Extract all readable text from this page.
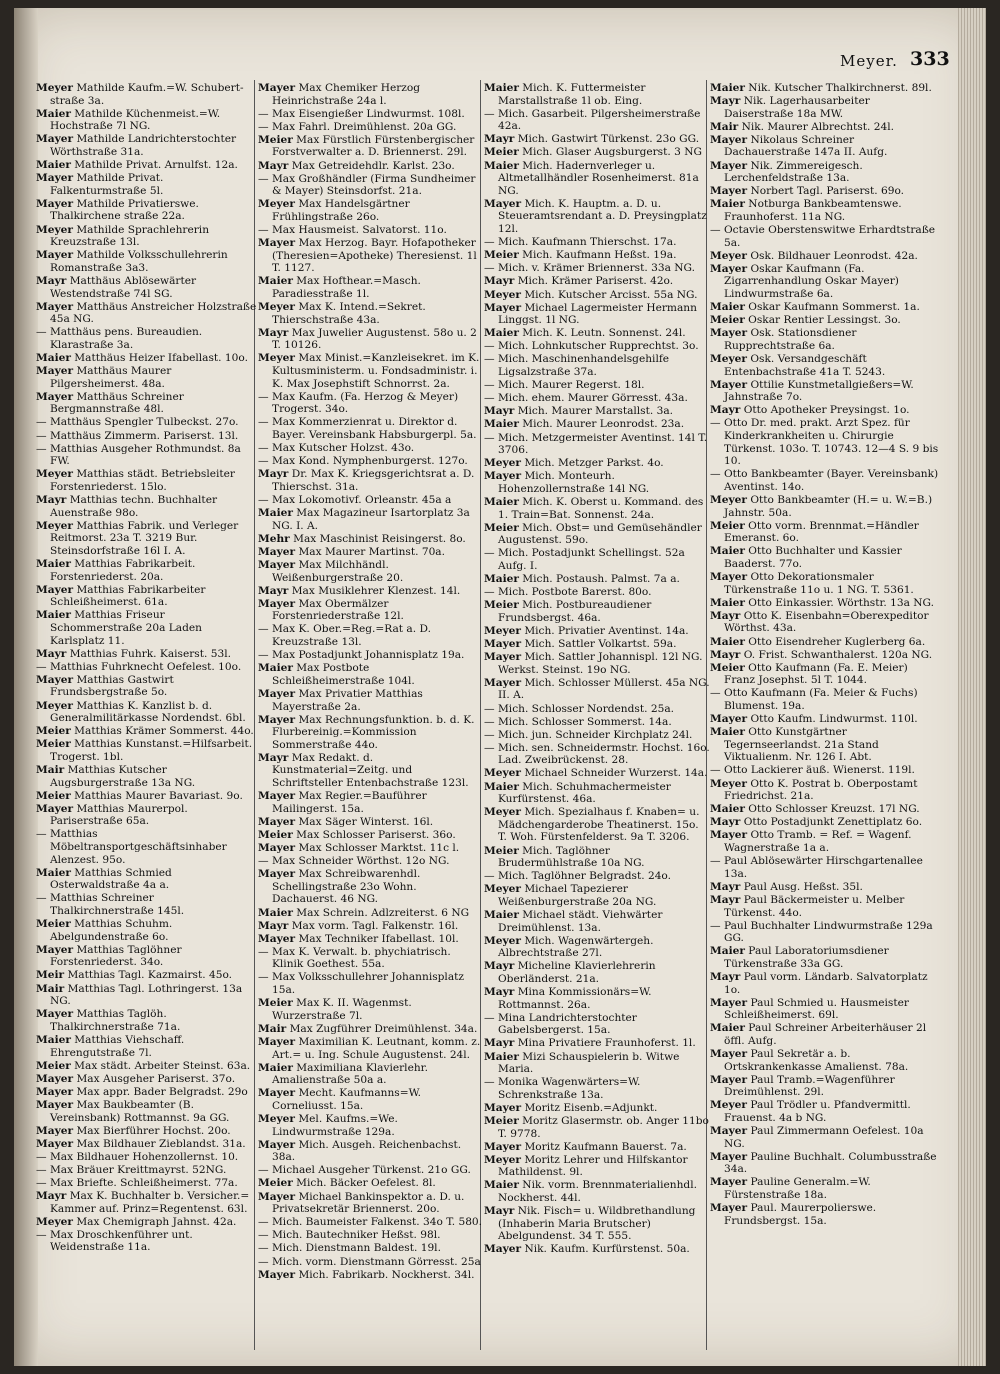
Meyer. 333
Meyer Mathilde Kaufm.=W. Schubert-straße 3a.
Maier Mathilde Küchenmeist.=W. Hochstraße 7l NG.
Mayer Mathilde Landrichterstochter Wörthstraße 31a.
Maier Mathilde Privat. Arnulfst. 12a.
Mayer Mathilde Privat. Falkenturmstraße 5l.
Mayer Mathilde Privatierswe. Thalkirchene straße 22a.
Meyer Mathilde Sprachlehrerin Kreuzstraße 13l.
Mayer Mathilde Volksschullehrerin Romanstraße 3a3.
Mayr Matthäus Ablösewärter Westendstraße 74l SG.
Mayer Matthäus Anstreicher Holzstraße 45a NG.
— Matthäus pens. Bureaudien. Klarastraße 3a.
Maier Matthäus Heizer Ifabellast. 10o.
Mayer Matthäus Maurer Pilgersheimerst. 48a.
Mayer Matthäus Schreiner Bergmannstraße 48l.
— Matthäus Spengler Tulbeckst. 27o.
— Matthäus Zimmerm. Pariserst. 13l.
— Matthias Ausgeher Rothmundst. 8a FW.
Meyer Matthias städt. Betriebsleiter Forstenriederst. 15lo.
Mayr Matthias techn. Buchhalter Auenstraße 98o.
Meyer Matthias Fabrik. und Verleger Reitmorst. 23a T. 3219 Bur. Steinsdorfstraße 16l I. A.
Maier Matthias Fabrikarbeit. Forstenriederst. 20a.
Mayer Matthias Fabrikarbeiter Schleißheimerst. 61a.
Maier Matthias Friseur Schommerstraße 20a Laden Karlsplatz 11.
Mayr Matthias Fuhrk. Kaiserst. 53l.
— Matthias Fuhrknecht Oefelest. 10o.
Mayer Matthias Gastwirt Frundsbergstraße 5o.
Meyer Matthias K. Kanzlist b. d. Generalmilitärkasse Nordendst. 6bl.
Meier Matthias Krämer Sommerst. 44o.
Meier Matthias Kunstanst.=Hilfsarbeit. Trogerst. 1bl.
Mair Matthias Kutscher Augsburgerstraße 13a NG.
Meier Matthias Maurer Bavariast. 9o.
Mayer Matthias Maurerpol. Pariserstraße 65a.
— Matthias Möbeltransportgeschäftsinhaber Alenzest. 95o.
Maier Matthias Schmied Osterwaldstraße 4a a.
— Matthias Schreiner Thalkirchnerstraße 145l.
Meier Matthias Schuhm. Abelgundenstraße 6o.
Mayer Matthias Taglöhner Forstenriederst. 34o.
Meir Matthias Tagl. Kazmairst. 45o.
Mair Matthias Tagl. Lothringerst. 13a NG.
Mayer Matthias Taglöh. Thalkirchnerstraße 71a.
Maier Matthias Viehschaff. Ehrengutstraße 7l.
Meier Max städt. Arbeiter Steinst. 63a.
Mayer Max Ausgeher Pariserst. 37o.
Mayer Max appr. Bader Belgradst. 29o
Mayer Max Baukbeamter (B. Vereinsbank) Rottmannst. 9a GG.
Mayer Max Bierführer Hochst. 20o.
Mayer Max Bildhauer Zieblandst. 31a.
— Max Bildhauer Hohenzollernst. 10.
— Max Bräuer Kreittmayrst. 52NG.
— Max Briefte. Schleißheimerst. 77a.
Mayr Max K. Buchhalter b. Versicher.= Kammer auf. Prinz=Regentenst. 63l.
Meyer Max Chemigraph Jahnst. 42a.
— Max Droschkenführer unt. Weidenstraße 11a.
Mayer Max Chemiker Herzog Heinrichstraße 24a l.
— Max Eisengießer Lindwurmst. 108l.
— Max Fahrl. Dreimühlenst. 20a GG.
Meier Max Fürstlich Fürstenbergischer Forstverwalter a. D. Briennerst. 29l.
Mayr Max Getreidehdlr. Karlst. 23o.
— Max Großhändler (Firma Sundheimer & Mayer) Steinsdorfst. 21a.
Meyer Max Handelsgärtner Frühlingstraße 26o.
— Max Hausmeist. Salvatorst. 11o.
Mayer Max Herzog. Bayr. Hofapotheker (Theresien=Apotheke) Theresienst. 1l T. 1127.
Maier Max Hofthear.=Masch. Paradiesstraße 1l.
Meyer Max K. Intend.=Sekret. Thierschstraße 43a.
Mayr Max Juwelier Augustenst. 58o u. 2 T. 10126.
Meyer Max Minist.=Kanzleisekret. im K. Kultusministerm. u. Fondsadministr. i. K. Max Josephstift Schnorrst. 2a.
— Max Kaufm. (Fa. Herzog & Meyer) Trogerst. 34o.
— Max Kommerzienrat u. Direktor d. Bayer. Vereinsbank Habsburgerpl. 5a.
— Max Kutscher Holzst. 43o.
— Max Kond. Nymphenburgerst. 127o.
Mayr Dr. Max K. Kriegsgerichtsrat a. D. Thierschst. 31a.
— Max Lokomotivf. Orleanstr. 45a a
Maier Max Magazineur Isartorplatz 3a NG. I. A.
Mehr Max Maschinist Reisingerst. 8o.
Mayer Max Maurer Martinst. 70a.
Mayer Max Milchhändl. Weißenburgerstraße 20.
Mayr Max Musiklehrer Klenzest. 14l.
Mayer Max Obermälzer Forstenriederstraße 12l.
— Max K. Ober.=Reg.=Rat a. D. Kreuzstraße 13l.
— Max Postadjunkt Johannisplatz 19a.
Maier Max Postbote Schleißheimerstraße 104l.
Mayer Max Privatier Matthias Mayerstraße 2a.
Mayer Max Rechnungsfunktion. b. d. K. Flurbereinig.=Kommission Sommerstraße 44o.
Mayr Max Redakt. d. Kunstmaterial=Zeitg. und Schriftsteller Entenbachstraße 123l.
Mayer Max Regier.=Bauführer Mailingerst. 15a.
Mayer Max Säger Winterst. 16l.
Meier Max Schlosser Pariserst. 36o.
Mayer Max Schlosser Marktst. 11c l.
— Max Schneider Wörthst. 12o NG.
Mayer Max Schreibwarenhdl. Schellingstraße 23o Wohn. Dachauerst. 46 NG.
Maier Max Schrein. Adlzreiterst. 6 NG
Mayr Max vorm. Tagl. Falkenstr. 16l.
Mayer Max Techniker Ifabellast. 10l.
— Max K. Verwalt. b. phychiatrisch. Klinik Goethest. 55a.
— Max Volksschullehrer Johannisplatz 15a.
Meier Max K. II. Wagenmst. Wurzerstraße 7l.
Mair Max Zugführer Dreimühlenst. 34a.
Mayer Maximilian K. Leutnant, komm. z. Art.= u. Ing. Schule Augustenst. 24l.
Maier Maximiliana Klavierlehr. Amalienstraße 50a a.
Mayer Mecht. Kaufmanns=W. Corneliusst. 15a.
Meyer Mel. Kaufms.=We. Lindwurmstraße 129a.
Mayer Mich. Ausgeh. Reichenbachst. 38a.
— Michael Ausgeher Türkenst. 21o GG.
Meier Mich. Bäcker Oefelest. 8l.
Mayer Michael Bankinspektor a. D. u. Privatsekretär Briennerst. 20o.
— Mich. Baumeister Falkenst. 34o T. 580.
— Mich. Bautechniker Heßst. 98l.
— Mich. Dienstmann Baldest. 19l.
— Mich. vorm. Dienstmann Görresst. 25a
Mayer Mich. Fabrikarb. Nockherst. 34l.
Maier Mich. K. Futtermeister Marstallstraße 1l ob. Eing.
— Mich. Gasarbeit. Pilgersheimerstraße 42a.
Mayr Mich. Gastwirt Türkenst. 23o GG.
Meier Mich. Glaser Augsburgerst. 3 NG
Maier Mich. Hadernverleger u. Altmetallhändler Rosenheimerst. 81a NG.
Mayer Mich. K. Hauptm. a. D. u. Steueramtsrendant a. D. Preysingplatz 12l.
— Mich. Kaufmann Thierschst. 17a.
Meier Mich. Kaufmann Heßst. 19a.
— Mich. v. Krämer Briennerst. 33a NG.
Mayr Mich. Krämer Pariserst. 42o.
Meyer Mich. Kutscher Arcisst. 55a NG.
Mayer Michael Lagermeister Hermann Linggst. 1l NG.
Maier Mich. K. Leutn. Sonnenst. 24l.
— Mich. Lohnkutscher Rupprechtst. 3o.
— Mich. Maschinenhandelsgehilfe Ligsalzstraße 37a.
— Mich. Maurer Regerst. 18l.
— Mich. ehem. Maurer Görresst. 43a.
Mayr Mich. Maurer Marstallst. 3a.
Maier Mich. Maurer Leonrodst. 23a.
— Mich. Metzgermeister Aventinst. 14l T. 3706.
Meyer Mich. Metzger Parkst. 4o.
Mayer Mich. Monteurh. Hohenzollernstraße 14l NG.
Maier Mich. K. Oberst u. Kommand. des 1. Train=Bat. Sonnenst. 24a.
Meier Mich. Obst= und Gemüsehändler Augustenst. 59o.
— Mich. Postadjunkt Schellingst. 52a Aufg. I.
Maier Mich. Postaush. Palmst. 7a a.
— Mich. Postbote Barerst. 80o.
Meier Mich. Postbureaudiener Frundsbergst. 46a.
Meyer Mich. Privatier Aventinst. 14a.
Mayer Mich. Sattler Volkartst. 59a.
Mayer Mich. Sattler Johannispl. 12l NG. Werkst. Steinst. 19o NG.
Mayer Mich. Schlosser Müllerst. 45a NG. II. A.
— Mich. Schlosser Nordendst. 25a.
— Mich. Schlosser Sommerst. 14a.
— Mich. jun. Schneider Kirchplatz 24l.
— Mich. sen. Schneidermstr. Hochst. 16o. Lad. Zweibrückenst. 28.
Meyer Michael Schneider Wurzerst. 14a.
Maier Mich. Schuhmachermeister Kurfürstenst. 46a.
Meyer Mich. Spezialhaus f. Knaben= u. Mädchengarderobe Theatinerst. 15o. T. Woh. Fürstenfelderst. 9a T. 3206.
Meier Mich. Taglöhner Brudermühlstraße 10a NG.
— Mich. Taglöhner Belgradst. 24o.
Meyer Michael Tapezierer Weißenburgerstraße 20a NG.
Maier Michael städt. Viehwärter Dreimühlenst. 13a.
Meyer Mich. Wagenwärtergeh. Albrechtstraße 27l.
Mayr Micheline Klavierlehrerin Oberländerst. 21a.
Mayr Mina Kommissionärs=W. Rottmannst. 26a.
— Mina Landrichterstochter Gabelsbergerst. 15a.
Mayr Mina Privatiere Fraunhoferst. 1l.
Maier Mizi Schauspielerin b. Witwe Maria.
— Monika Wagenwärters=W. Schrenkstraße 13a.
Mayer Moritz Eisenb.=Adjunkt.
Meier Moritz Glasermstr. ob. Anger 11bo T. 9778.
Mayer Moritz Kaufmann Bauerst. 7a.
Meyer Moritz Lehrer und Hilfskantor Mathildenst. 9l.
Maier Nik. vorm. Brennmaterialienhdl. Nockherst. 44l.
Mayr Nik. Fisch= u. Wildbrethandlung (Inhaberin Maria Brutscher) Abelgundenst. 34 T. 555.
Mayer Nik. Kaufm. Kurfürstenst. 50a.
Maier Nik. Kutscher Thalkirchnerst. 89l.
Mayr Nik. Lagerhausarbeiter Daiserstraße 18a MW.
Mair Nik. Maurer Albrechtst. 24l.
Mayer Nikolaus Schreiner Dachauerstraße 147a II. Aufg.
Mayer Nik. Zimmereigesch. Lerchenfeldstraße 13a.
Mayer Norbert Tagl. Pariserst. 69o.
Maier Notburga Bankbeamtenswe. Fraunhoferst. 11a NG.
— Octavie Oberstenswitwe Erhardtstraße 5a.
Meyer Osk. Bildhauer Leonrodst. 42a.
Mayer Oskar Kaufmann (Fa. Zigarrenhandlung Oskar Mayer) Lindwurmstraße 6a.
Maier Oskar Kaufmann Sommerst. 1a.
Meier Oskar Rentier Lessingst. 3o.
Mayer Osk. Stationsdiener Rupprechtstraße 6a.
Meyer Osk. Versandgeschäft Entenbachstraße 41a T. 5243.
Mayer Ottilie Kunstmetallgießers=W. Jahnstraße 7o.
Mayr Otto Apotheker Preysingst. 1o.
— Otto Dr. med. prakt. Arzt Spez. für Kinderkrankheiten u. Chirurgie Türkenst. 103o. T. 10743. 12—4 S. 9 bis 10.
— Otto Bankbeamter (Bayer. Vereinsbank) Aventinst. 14o.
Meyer Otto Bankbeamter (H.= u. W.=B.) Jahnstr. 50a.
Meier Otto vorm. Brennmat.=Händler Emeranst. 6o.
Maier Otto Buchhalter und Kassier Baaderst. 77o.
Mayer Otto Dekorationsmaler Türkenstraße 11o u. 1 NG. T. 5361.
Maier Otto Einkassier. Wörthstr. 13a NG.
Mayr Otto K. Eisenbahn=Oberexpeditor Wörthst. 43a.
Maier Otto Eisendreher Kuglerberg 6a.
Mayr O. Frist. Schwanthalerst. 120a NG.
Meier Otto Kaufmann (Fa. E. Meier) Franz Josephst. 5l T. 1044.
— Otto Kaufmann (Fa. Meier & Fuchs) Blumenst. 19a.
Mayer Otto Kaufm. Lindwurmst. 110l.
Maier Otto Kunstgärtner Tegernseerlandst. 21a Stand Viktualienm. Nr. 126 I. Abt.
— Otto Lackierer äuß. Wienerst. 119l.
Meyer Otto K. Postrat b. Oberpostamt Friedrichst. 21a.
Maier Otto Schlosser Kreuzst. 17l NG.
Mayr Otto Postadjunkt Zenettiplatz 6o.
Mayer Otto Tramb. = Ref. = Wagenf. Wagnerstraße 1a a.
— Paul Ablösewärter Hirschgartenallee 13a.
Mayr Paul Ausg. Heßst. 35l.
Mayr Paul Bäckermeister u. Melber Türkenst. 44o.
— Paul Buchhalter Lindwurmstraße 129a GG.
Maier Paul Laboratoriumsdiener Türkenstraße 33a GG.
Mayr Paul vorm. Ländarb. Salvatorplatz 1o.
Mayer Paul Schmied u. Hausmeister Schleißheimerst. 69l.
Maier Paul Schreiner Arbeiterhäuser 2l öffl. Aufg.
Mayer Paul Sekretär a. b. Ortskrankenkasse Amalienst. 78a.
Mayer Paul Tramb.=Wagenführer Dreimühlenst. 29l.
Meyer Paul Trödler u. Pfandvermittl. Frauenst. 4a b NG.
Mayer Paul Zimmermann Oefelest. 10a NG.
Mayer Pauline Buchhalt. Columbusstraße 34a.
Mayer Pauline Generalm.=W. Fürstenstraße 18a.
Mayer Paul. Maurerpolierswe. Frundsbergst. 15a.
